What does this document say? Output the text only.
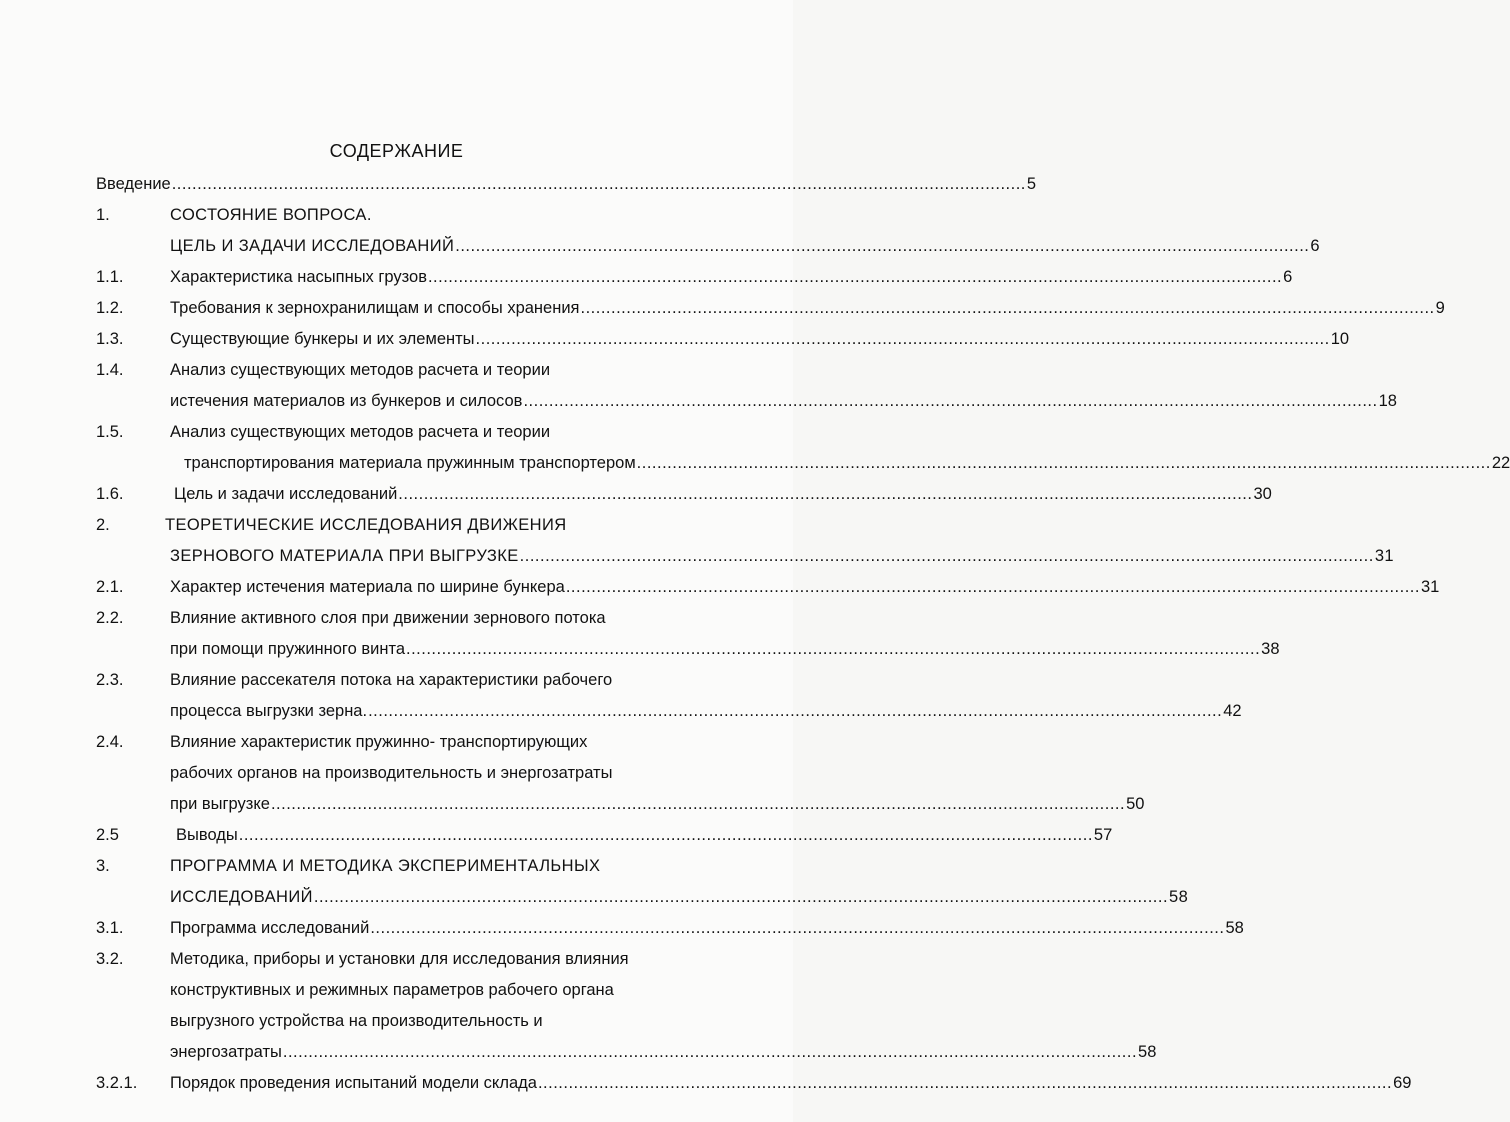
СОДЕРЖАНИЕ
Введение ........................................................................................................................................................................ 5
1.	СОСТОЯНИЕ ВОПРОСА.
ЦЕЛЬ И ЗАДАЧИ ИССЛЕДОВАНИЙ ........................................................................................................................................................................ 6
1.1.	Характеристика насыпных грузов ........................................................................................................................................................................ 6
1.2.	Требования к зернохранилищам и способы хранения ........................................................................................................................................................................ 9
1.3.	Существующие бункеры и их элементы ........................................................................................................................................................................ 10
1.4.	Анализ существующих методов расчета и теории
истечения материалов из бункеров и силосов ........................................................................................................................................................................ 18
1.5.	Анализ существующих методов расчета и теории
транспортирования материала пружинным транспортером ........................................................................................................................................................................ 22
1.6.	Цель и задачи исследований ........................................................................................................................................................................ 30
2.	ТЕОРЕТИЧЕСКИЕ ИССЛЕДОВАНИЯ ДВИЖЕНИЯ
ЗЕРНОВОГО МАТЕРИАЛА ПРИ ВЫГРУЗКЕ ........................................................................................................................................................................ 31
2.1.	Характер истечения материала по ширине бункера ........................................................................................................................................................................ 31
2.2.	Влияние активного слоя при движении зернового потока
при помощи пружинного винта ........................................................................................................................................................................ 38
2.3.	Влияние рассекателя потока на характеристики рабочего
процесса выгрузки зерна. ........................................................................................................................................................................ 42
2.4.	Влияние характеристик пружинно- транспортирующих
рабочих органов на производительность и энергозатраты
при выгрузке ........................................................................................................................................................................ 50
2.5	Выводы ........................................................................................................................................................................ 57
3.	ПРОГРАММА И МЕТОДИКА ЭКСПЕРИМЕНТАЛЬНЫХ
ИССЛЕДОВАНИЙ ........................................................................................................................................................................ 58
3.1.	Программа исследований ........................................................................................................................................................................ 58
3.2.	Методика, приборы и установки для исследования влияния
конструктивных и режимных параметров рабочего органа
выгрузного устройства на производительность и
энергозатраты ........................................................................................................................................................................ 58
3.2.1. Порядок проведения испытаний модели склада ........................................................................................................................................................................ 69
